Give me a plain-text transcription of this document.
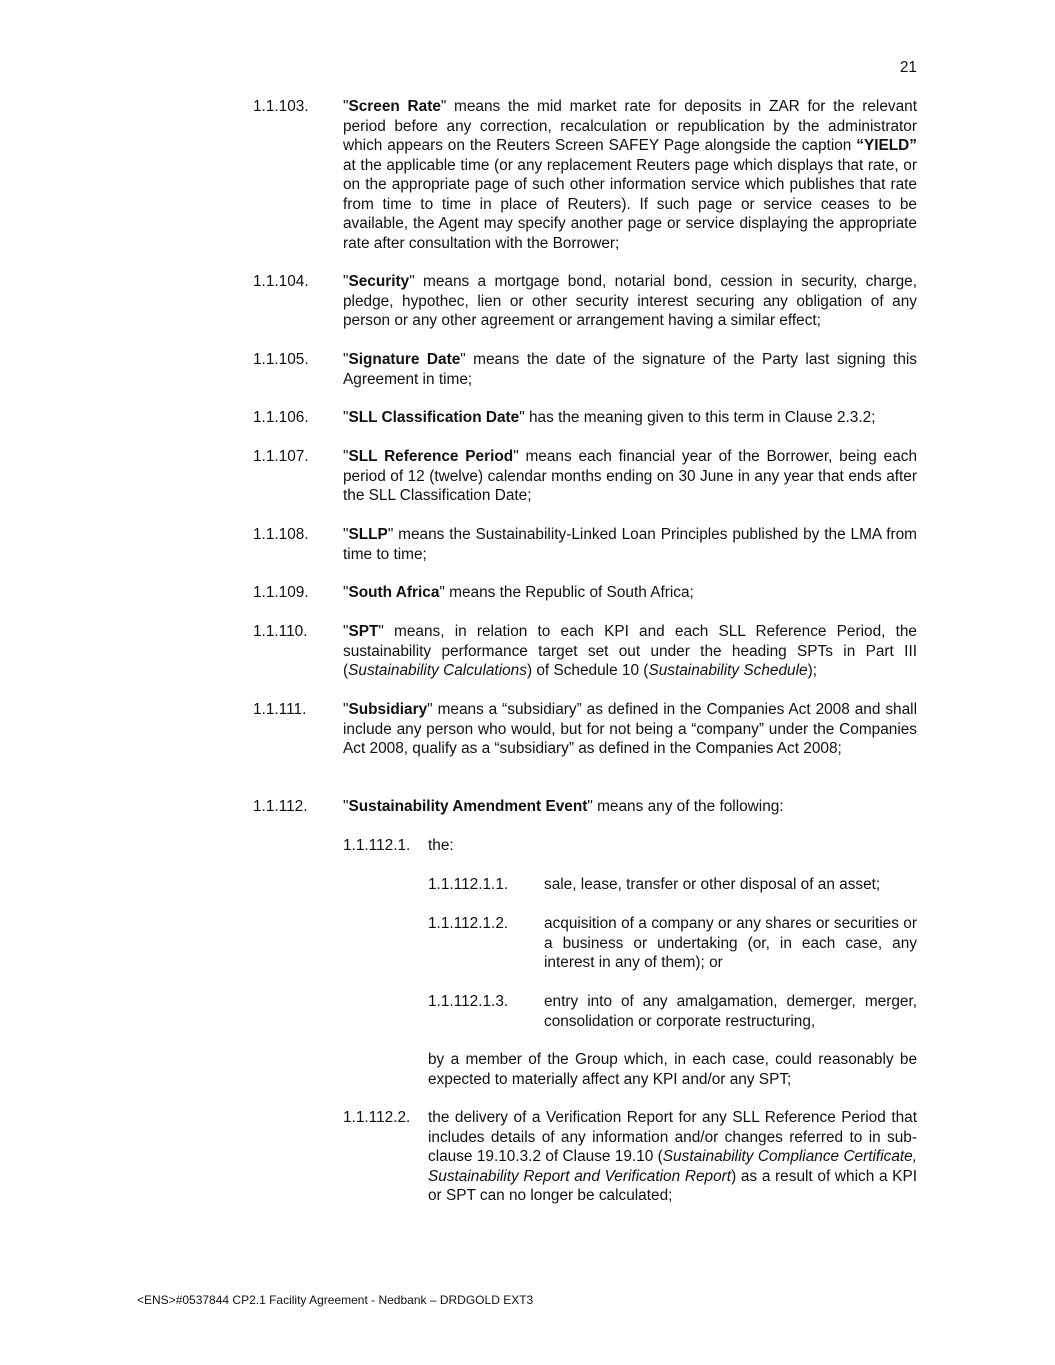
21
1.1.103. "Screen Rate" means the mid market rate for deposits in ZAR for the relevant period before any correction, recalculation or republication by the administrator which appears on the Reuters Screen SAFEY Page alongside the caption “YIELD” at the applicable time (or any replacement Reuters page which displays that rate, or on the appropriate page of such other information service which publishes that rate from time to time in place of Reuters). If such page or service ceases to be available, the Agent may specify another page or service displaying the appropriate rate after consultation with the Borrower;
1.1.104. "Security" means a mortgage bond, notarial bond, cession in security, charge, pledge, hypothec, lien or other security interest securing any obligation of any person or any other agreement or arrangement having a similar effect;
1.1.105. "Signature Date" means the date of the signature of the Party last signing this Agreement in time;
1.1.106. "SLL Classification Date" has the meaning given to this term in Clause 2.3.2;
1.1.107. "SLL Reference Period" means each financial year of the Borrower, being each period of 12 (twelve) calendar months ending on 30 June in any year that ends after the SLL Classification Date;
1.1.108. "SLLP" means the Sustainability-Linked Loan Principles published by the LMA from time to time;
1.1.109. "South Africa" means the Republic of South Africa;
1.1.110. "SPT" means, in relation to each KPI and each SLL Reference Period, the sustainability performance target set out under the heading SPTs in Part III (Sustainability Calculations) of Schedule 10 (Sustainability Schedule);
1.1.111. "Subsidiary" means a “subsidiary” as defined in the Companies Act 2008 and shall include any person who would, but for not being a “company” under the Companies Act 2008, qualify as a “subsidiary” as defined in the Companies Act 2008;
1.1.112. "Sustainability Amendment Event" means any of the following:
1.1.112.1. the:
1.1.112.1.1. sale, lease, transfer or other disposal of an asset;
1.1.112.1.2. acquisition of a company or any shares or securities or a business or undertaking (or, in each case, any interest in any of them); or
1.1.112.1.3. entry into of any amalgamation, demerger, merger, consolidation or corporate restructuring,
by a member of the Group which, in each case, could reasonably be expected to materially affect any KPI and/or any SPT;
1.1.112.2. the delivery of a Verification Report for any SLL Reference Period that includes details of any information and/or changes referred to in sub-clause 19.10.3.2 of Clause 19.10 (Sustainability Compliance Certificate, Sustainability Report and Verification Report) as a result of which a KPI or SPT can no longer be calculated;
<ENS>#0537844 CP2.1 Facility Agreement - Nedbank – DRDGOLD EXT3
